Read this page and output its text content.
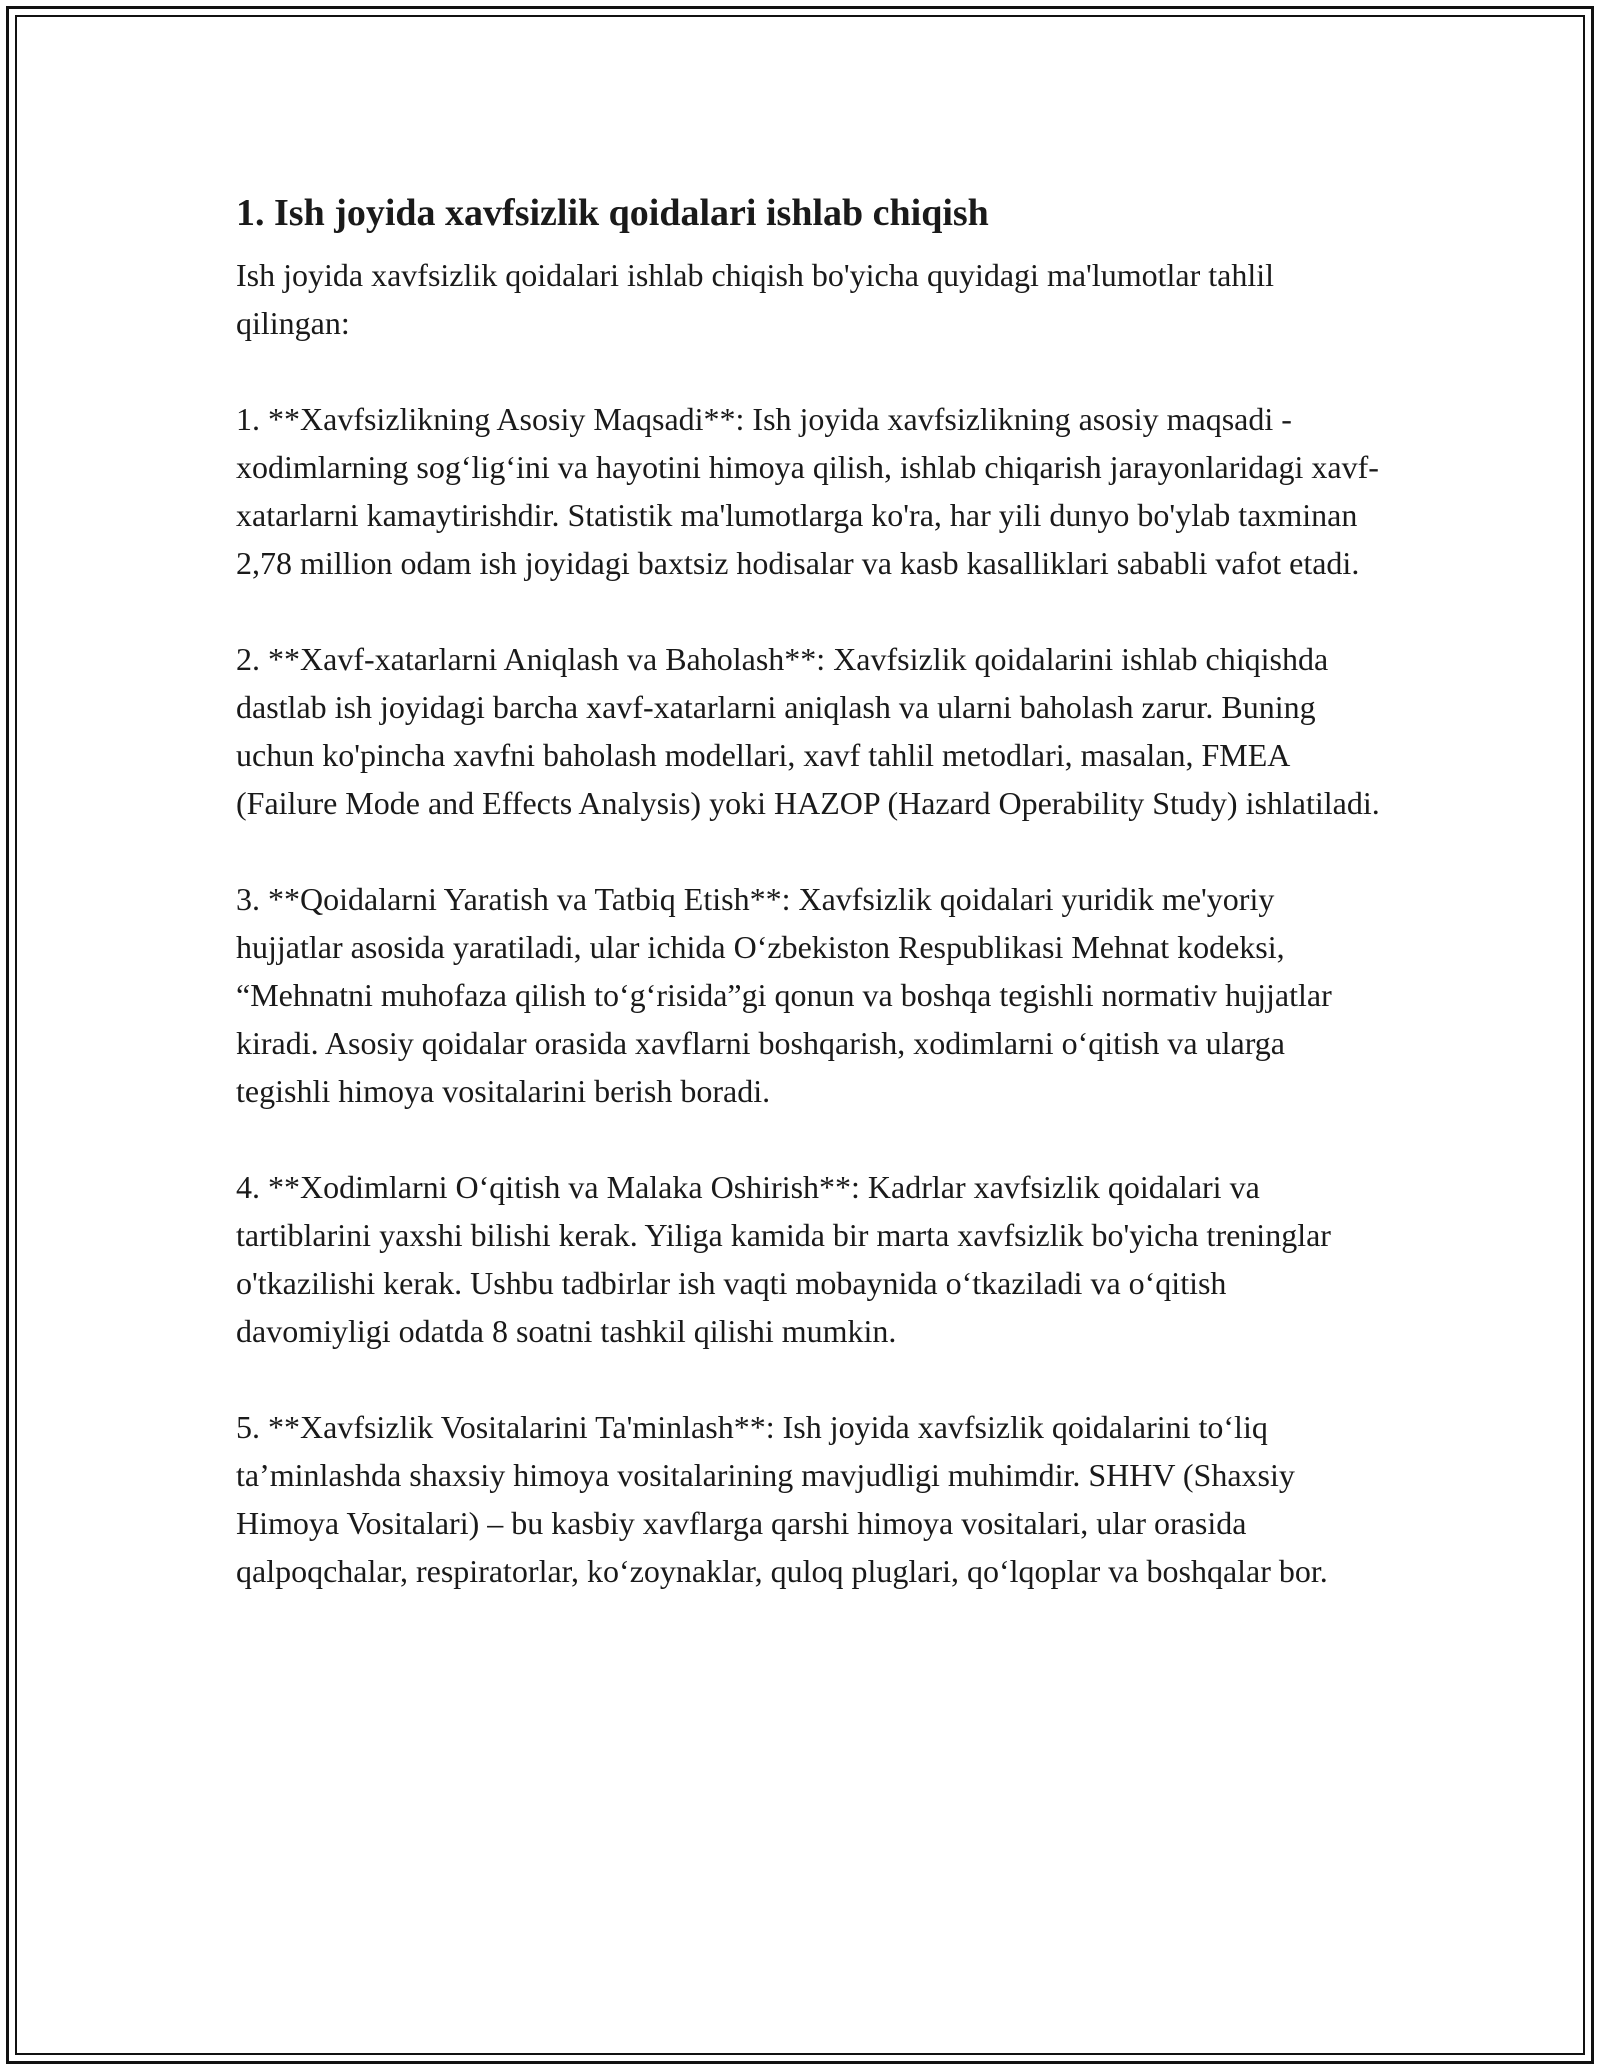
1. Ish joyida xavfsizlik qoidalari ishlab chiqish

Ish joyida xavfsizlik qoidalari ishlab chiqish bo'yicha quyidagi ma'lumotlar tahlil qilingan:

1. **Xavfsizlikning Asosiy Maqsadi**: Ish joyida xavfsizlikning asosiy maqsadi - xodimlarning sog‘lig‘ini va hayotini himoya qilish, ishlab chiqarish jarayonlaridagi xavf-xatarlarni kamaytirishdir. Statistik ma'lumotlarga ko'ra, har yili dunyo bo'ylab taxminan 2,78 million odam ish joyidagi baxtsiz hodisalar va kasb kasalliklari sababli vafot etadi.

2. **Xavf-xatarlarni Aniqlash va Baholash**: Xavfsizlik qoidalarini ishlab chiqishda dastlab ish joyidagi barcha xavf-xatarlarni aniqlash va ularni baholash zarur. Buning uchun ko'pincha xavfni baholash modellari, xavf tahlil metodlari, masalan, FMEA (Failure Mode and Effects Analysis) yoki HAZOP (Hazard Operability Study) ishlatiladi.

3. **Qoidalarni Yaratish va Tatbiq Etish**: Xavfsizlik qoidalari yuridik me'yoriy hujjatlar asosida yaratiladi, ular ichida O‘zbekiston Respublikasi Mehnat kodeksi, “Mehnatni muhofaza qilish to‘g‘risida”gi qonun va boshqa tegishli normativ hujjatlar kiradi. Asosiy qoidalar orasida xavflarni boshqarish, xodimlarni o‘qitish va ularga tegishli himoya vositalarini berish boradi.

4. **Xodimlarni O‘qitish va Malaka Oshirish**: Kadrlar xavfsizlik qoidalari va tartiblarini yaxshi bilishi kerak. Yiliga kamida bir marta xavfsizlik bo'yicha treninglar o'tkazilishi kerak. Ushbu tadbirlar ish vaqti mobaynida o‘tkaziladi va o‘qitish davomiyligi odatda 8 soatni tashkil qilishi mumkin.

5. **Xavfsizlik Vositalarini Ta'minlash**: Ish joyida xavfsizlik qoidalarini to‘liq ta’minlashda shaxsiy himoya vositalarining mavjudligi muhimdir. SHHV (Shaxsiy Himoya Vositalari) – bu kasbiy xavflarga qarshi himoya vositalari, ular orasida qalpoqchalar, respiratorlar, ko‘zoynaklar, quloq pluglari, qo‘lqoplar va boshqalar bor.
